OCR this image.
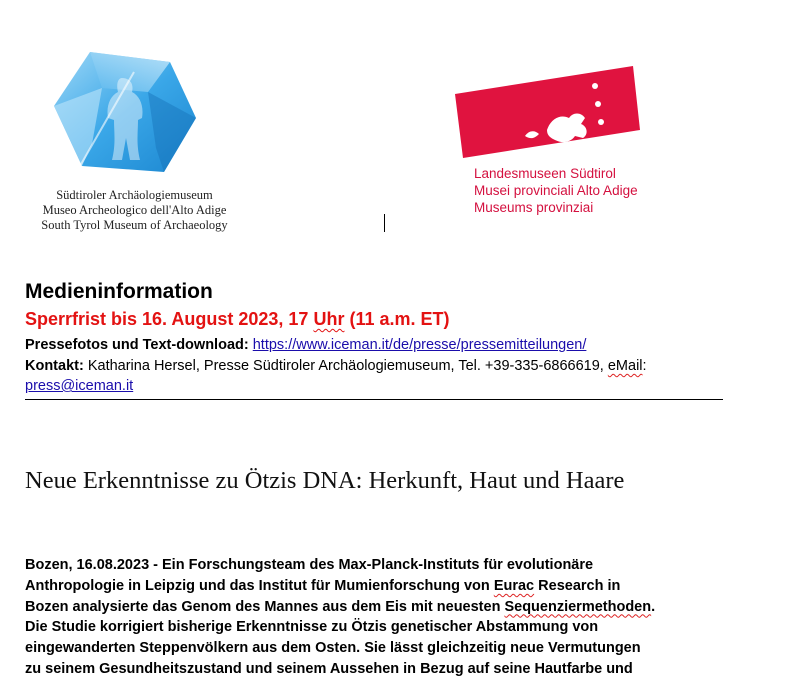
Südtiroler Archäologiemuseum
Museo Archeologico dell'Alto Adige
South Tyrol Museum of Archaeology
Landesmuseen Südtirol
Musei provinciali Alto Adige
Museums provinziai
Medieninformation
Sperrfrist bis 16. August 2023, 17 Uhr (11 a.m. ET)
Pressefotos und Text-download: https://www.iceman.it/de/presse/pressemitteilungen/
Kontakt: Katharina Hersel, Presse Südtiroler Archäologiemuseum, Tel. +39-335-6866619, eMail:
press@iceman.it
Neue Erkenntnisse zu Ötzis DNA: Herkunft, Haut und Haare
Bozen, 16.08.2023 - Ein Forschungsteam des Max-Planck-Instituts für evolutionäre
Anthropologie in Leipzig und das Institut für Mumienforschung von Eurac Research in
Bozen analysierte das Genom des Mannes aus dem Eis mit neuesten Sequenziermethoden.
Die Studie korrigiert bisherige Erkenntnisse zu Ötzis genetischer Abstammung von
eingewanderten Steppenvölkern aus dem Osten. Sie lässt gleichzeitig neue Vermutungen
zu seinem Gesundheitszustand und seinem Aussehen in Bezug auf seine Hautfarbe und
